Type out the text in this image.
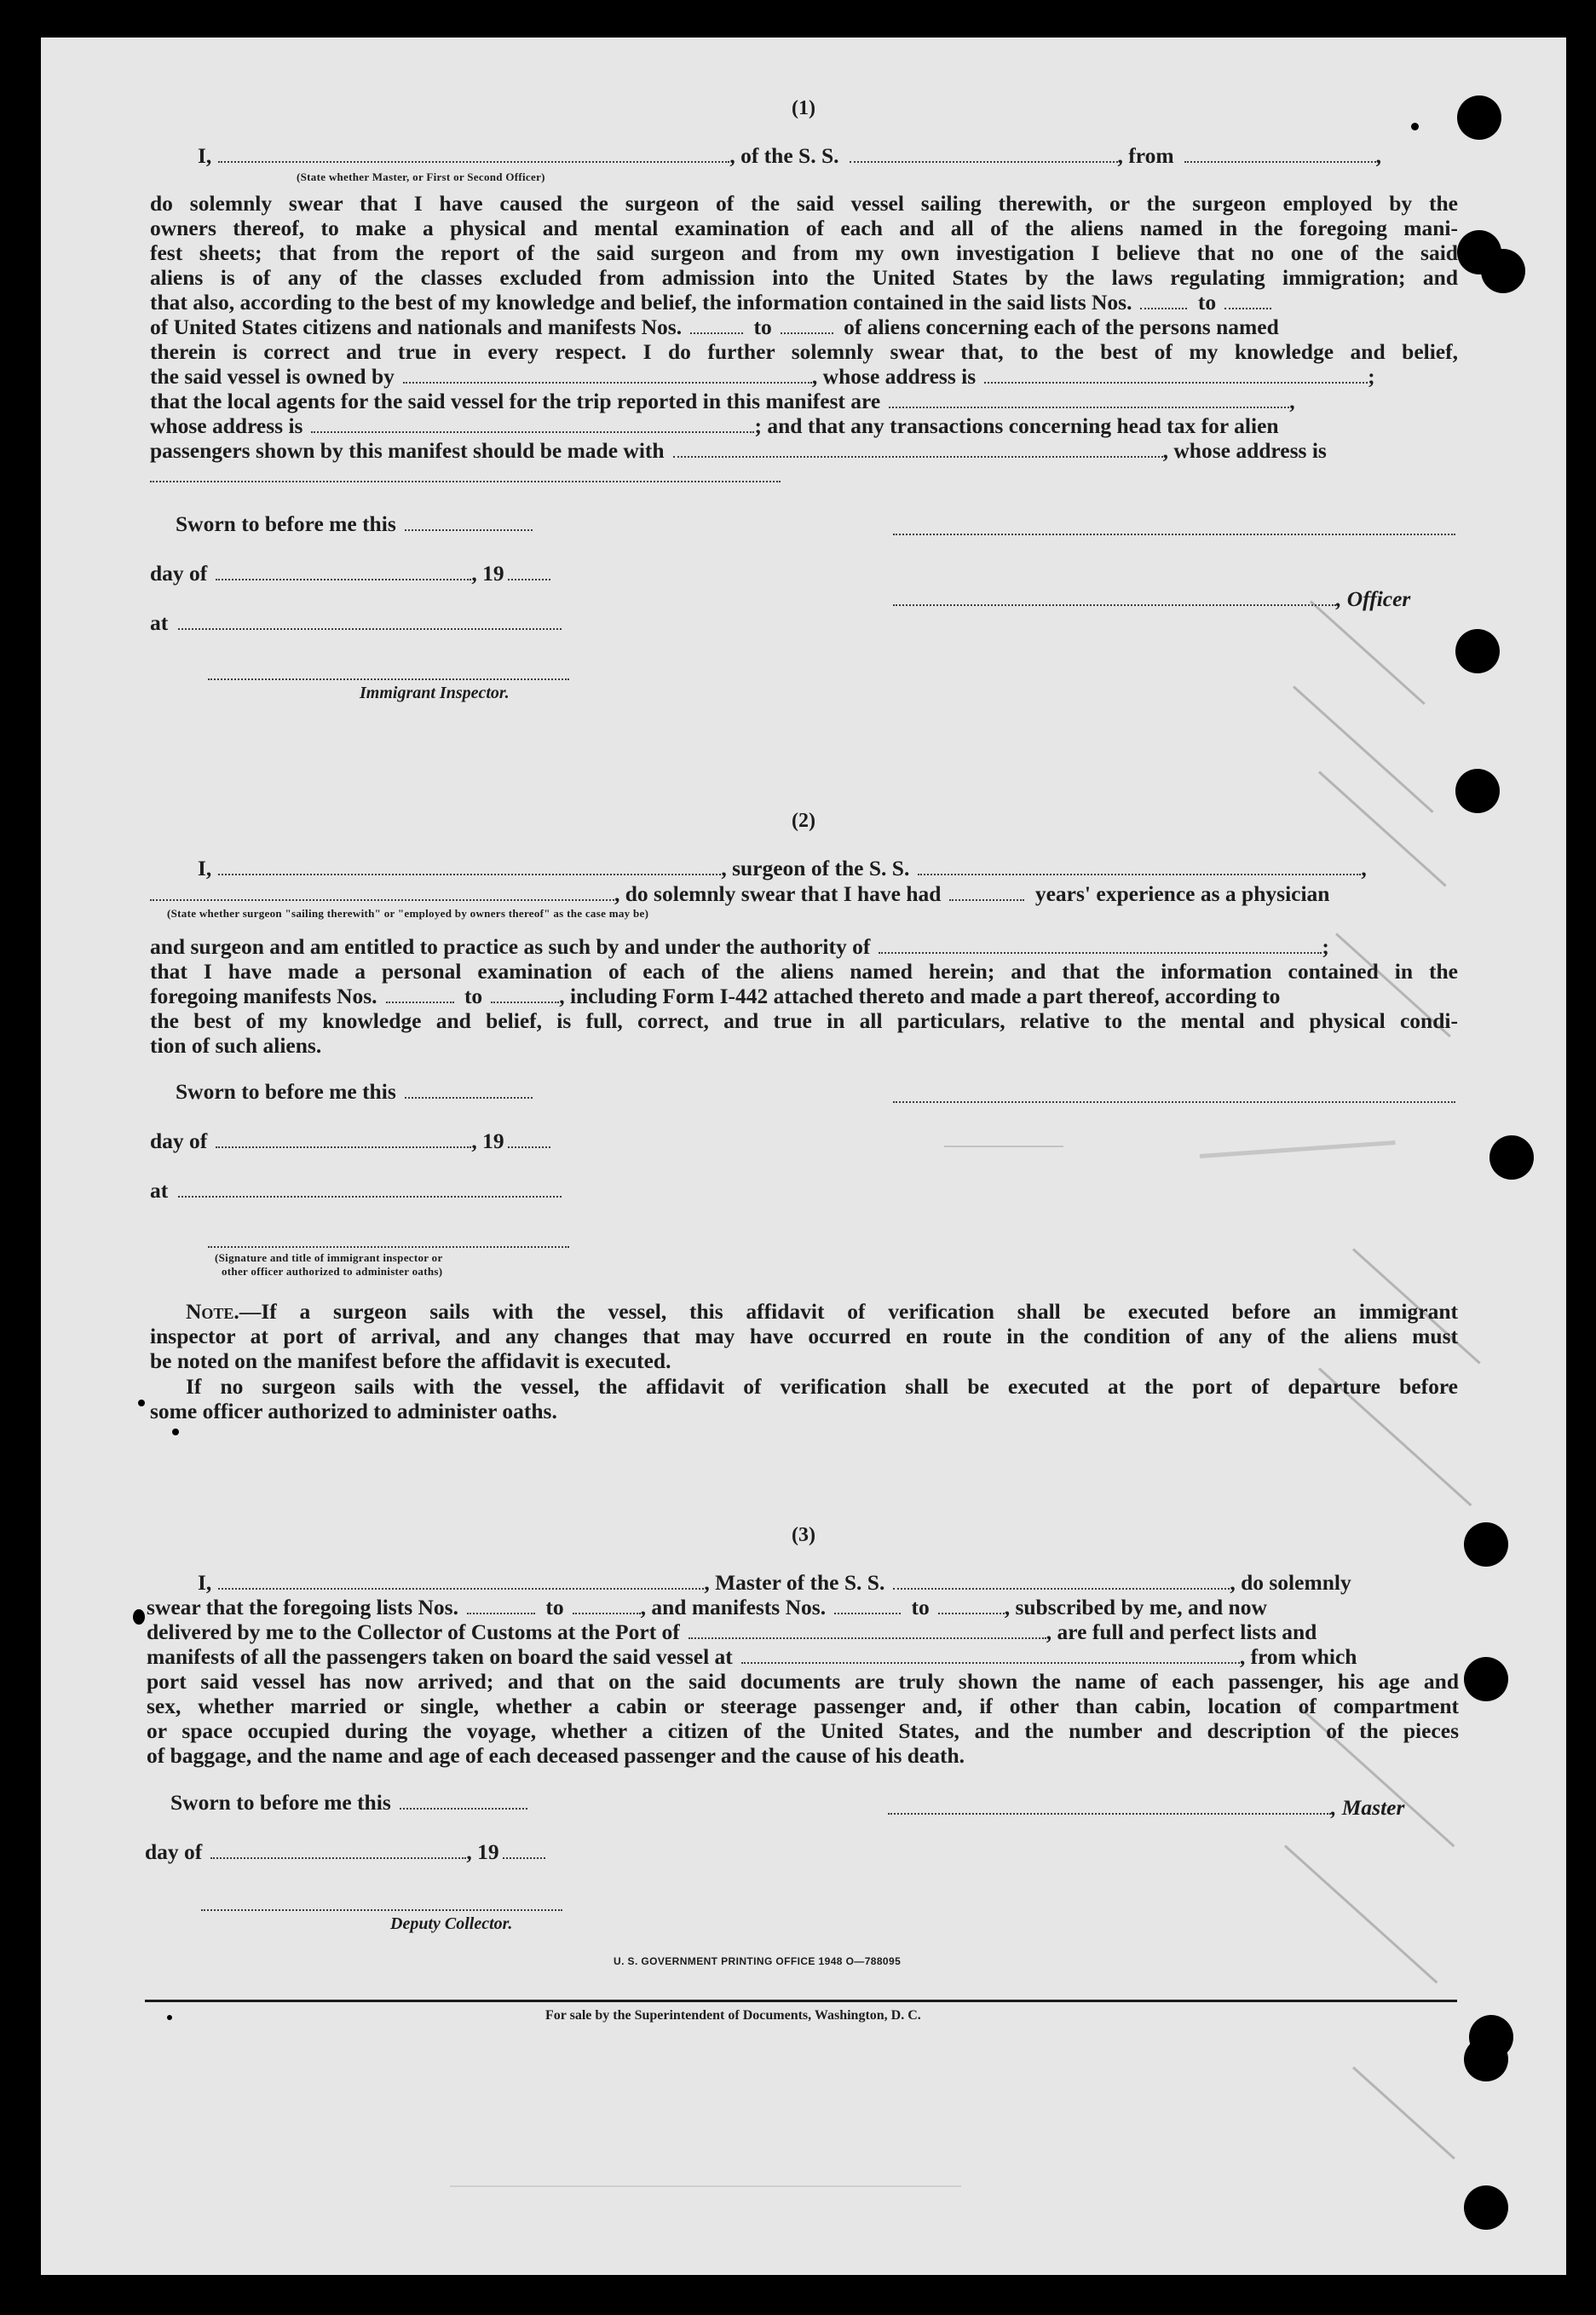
(1)
I,	, of the S. S.	, from	,
(State whether Master, or First or Second Officer)
do solemnly swear that I have caused the surgeon of the said vessel sailing therewith, or the surgeon employed by the
owners thereof, to make a physical and mental examination of each and all of the aliens named in the foregoing mani-
fest sheets; that from the report of the said surgeon and from my own investigation I believe that no one of the said
aliens is of any of the classes excluded from admission into the United States by the laws regulating immigration; and
that also, according to the best of my knowledge and belief, the information contained in the said lists Nos.	to
of United States citizens and nationals and manifests Nos.	to	of aliens concerning each of the persons named
therein is correct and true in every respect. I do further solemnly swear that, to the best of my knowledge and belief,
the said vessel is owned by	, whose address is	;
that the local agents for the said vessel for the trip reported in this manifest are	,
whose address is	; and that any transactions concerning head tax for alien
passengers shown by this manifest should be made with	, whose address is
Sworn to before me this
day of	, 19
, Officer
at
Immigrant Inspector.
(2)
I,	, surgeon of the S. S.	,
, do solemnly swear that I have had	years' experience as a physician
(State whether surgeon "sailing therewith" or "employed by owners thereof" as the case may be)
and surgeon and am entitled to practice as such by and under the authority of	;
that I have made a personal examination of each of the aliens named herein; and that the information contained in the
foregoing manifests Nos.	to	, including Form I-442 attached thereto and made a part thereof, according to
the best of my knowledge and belief, is full, correct, and true in all particulars, relative to the mental and physical condi-
tion of such aliens.
Sworn to before me this
day of	, 19
at
(Signature and title of immigrant inspector or
other officer authorized to administer oaths)
Note.—If a surgeon sails with the vessel, this affidavit of verification shall be executed before an immigrant
inspector at port of arrival, and any changes that may have occurred en route in the condition of any of the aliens must
be noted on the manifest before the affidavit is executed.
If no surgeon sails with the vessel, the affidavit of verification shall be executed at the port of departure before
some officer authorized to administer oaths.
(3)
I,	, Master of the S. S.	, do solemnly
swear that the foregoing lists Nos.	to	, and manifests Nos.	to	, subscribed by me, and now
delivered by me to the Collector of Customs at the Port of	, are full and perfect lists and
manifests of all the passengers taken on board the said vessel at	, from which
port said vessel has now arrived; and that on the said documents are truly shown the name of each passenger, his age and
sex, whether married or single, whether a cabin or steerage passenger and, if other than cabin, location of compartment
or space occupied during the voyage, whether a citizen of the United States, and the number and description of the pieces
of baggage, and the name and age of each deceased passenger and the cause of his death.
Sworn to before me this	, Master
day of	, 19
Deputy Collector.
U. S. GOVERNMENT PRINTING OFFICE 1948 O—788095
For sale by the Superintendent of Documents, Washington, D. C.
